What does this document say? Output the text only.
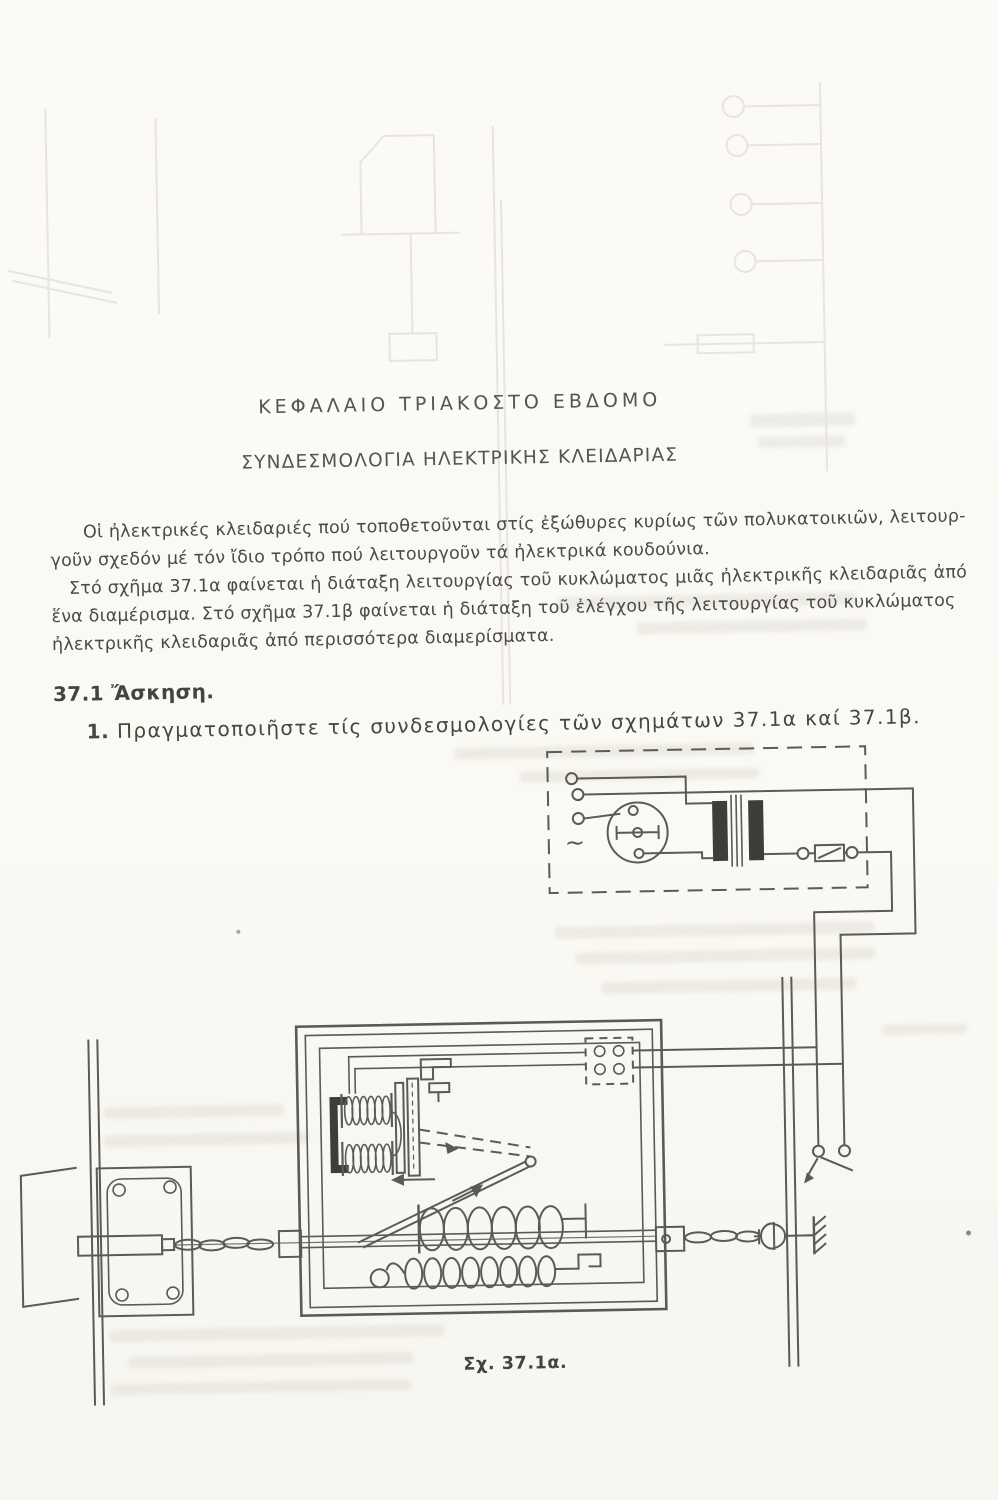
~
ΚΕΦΑΛΑΙΟ ΤΡΙΑΚΟΣΤΟ ΕΒΔΟΜΟ
ΣΥΝΔΕΣΜΟΛΟΓΙΑ ΗΛΕΚΤΡΙΚΗΣ ΚΛΕΙΔΑΡΙΑΣ
Οἱ ἠλεκτρικές κλειδαριές πού τοποθετοῦνται στίς ἐξώθυρες κυρίως τῶν πολυκατοικιῶν, λειτουρ-
γοῦν σχεδόν μέ τόν ἴδιο τρόπο πού λειτουργοῦν τά ἠλεκτρικά κουδούνια.
Στό σχῆμα 37.1α φαίνεται ἡ διάταξη λειτουργίας τοῦ κυκλώματος μιᾶς ἠλεκτρικῆς κλειδαριᾶς ἀπό
ἕνα διαμέρισμα. Στό σχῆμα 37.1β φαίνεται ἡ διάταξη τοῦ ἐλέγχου τῆς λειτουργίας τοῦ κυκλώματος
ἠλεκτρικῆς κλειδαριᾶς ἀπό περισσότερα διαμερίσματα.
37.1 Ἄσκηση.
1. Πραγματοποιῆστε τίς συνδεσμολογίες τῶν σχημάτων 37.1α καί 37.1β.
Σχ. 37.1α.
